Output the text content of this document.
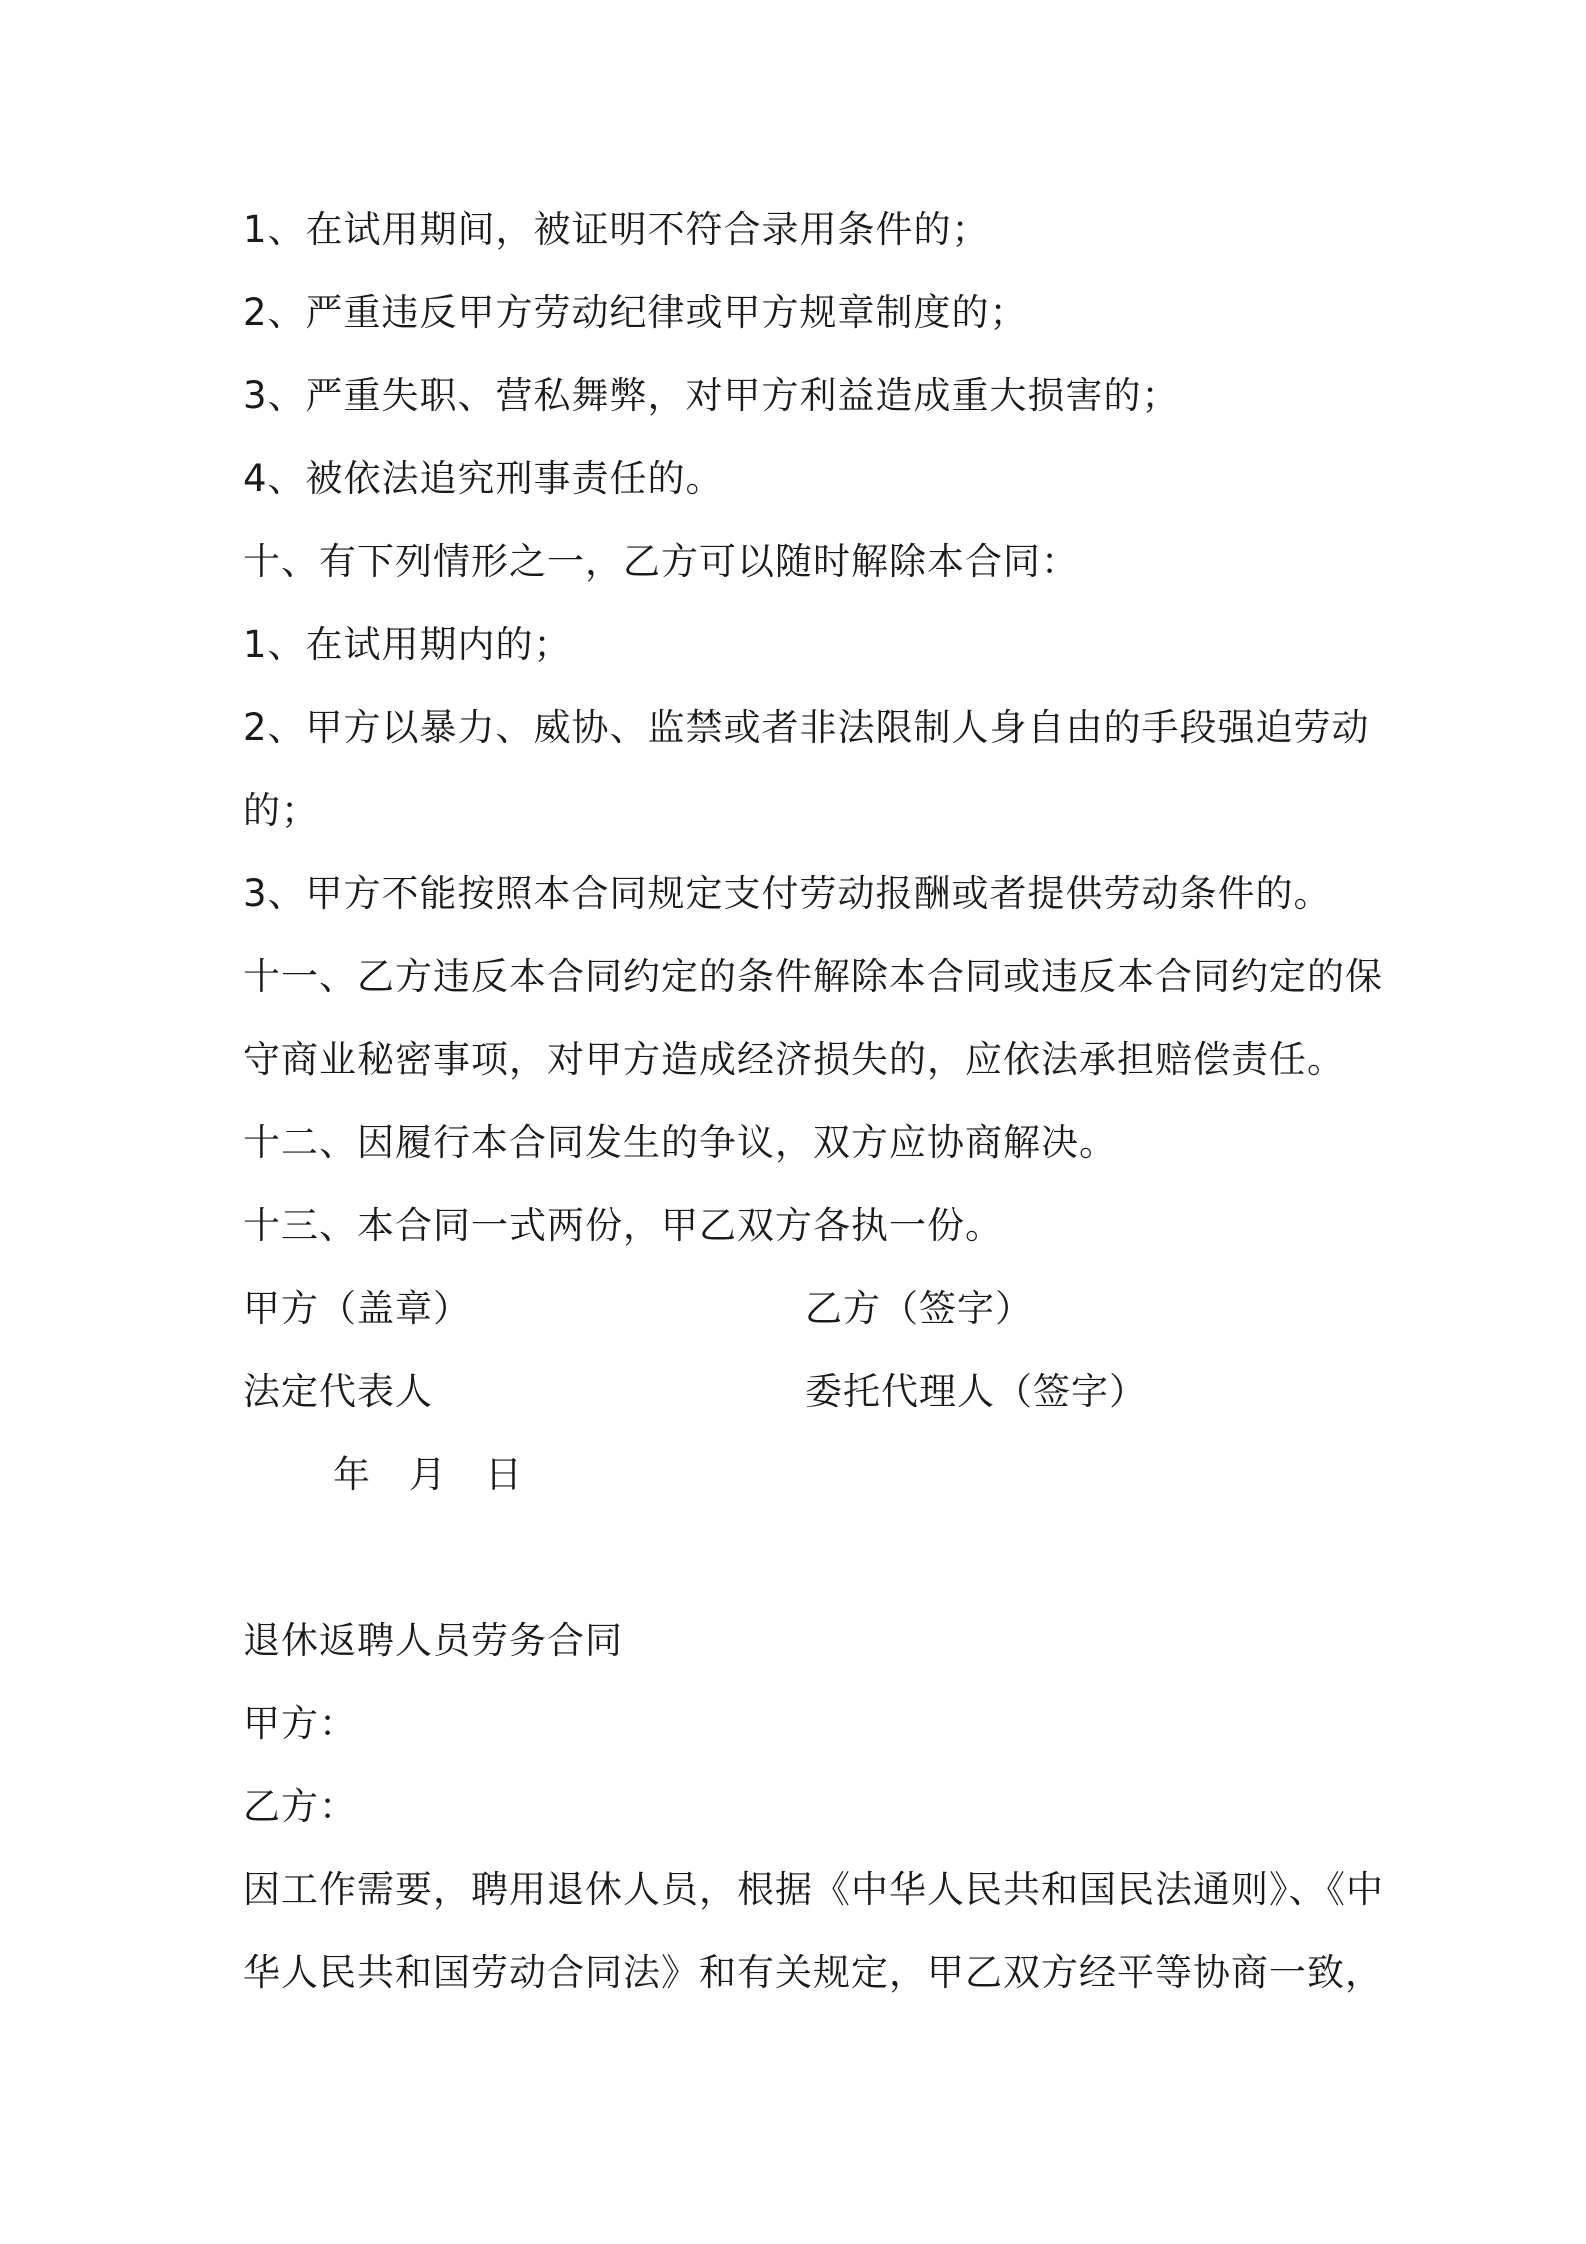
1、在试用期间，被证明不符合录用条件的；
2、严重违反甲方劳动纪律或甲方规章制度的；
3、严重失职、营私舞弊，对甲方利益造成重大损害的；
4、被依法追究刑事责任的。
十、有下列情形之一，乙方可以随时解除本合同：
1、在试用期内的；
2、甲方以暴力、威协、监禁或者非法限制人身自由的手段强迫劳动
的；
3、甲方不能按照本合同规定支付劳动报酬或者提供劳动条件的。
十一、乙方违反本合同约定的条件解除本合同或违反本合同约定的保
守商业秘密事项，对甲方造成经济损失的，应依法承担赔偿责任。
十二、因履行本合同发生的争议，双方应协商解决。
十三、本合同一式两份，甲乙双方各执一份。
甲方（盖章）	乙方（签字）
法定代表人	委托代理人（签字）
年　月　日
退休返聘人员劳务合同
甲方：
乙方：
因工作需要，聘用退休人员，根据《中华人民共和国民法通则》、《中
华人民共和国劳动合同法》和有关规定，甲乙双方经平等协商一致，
